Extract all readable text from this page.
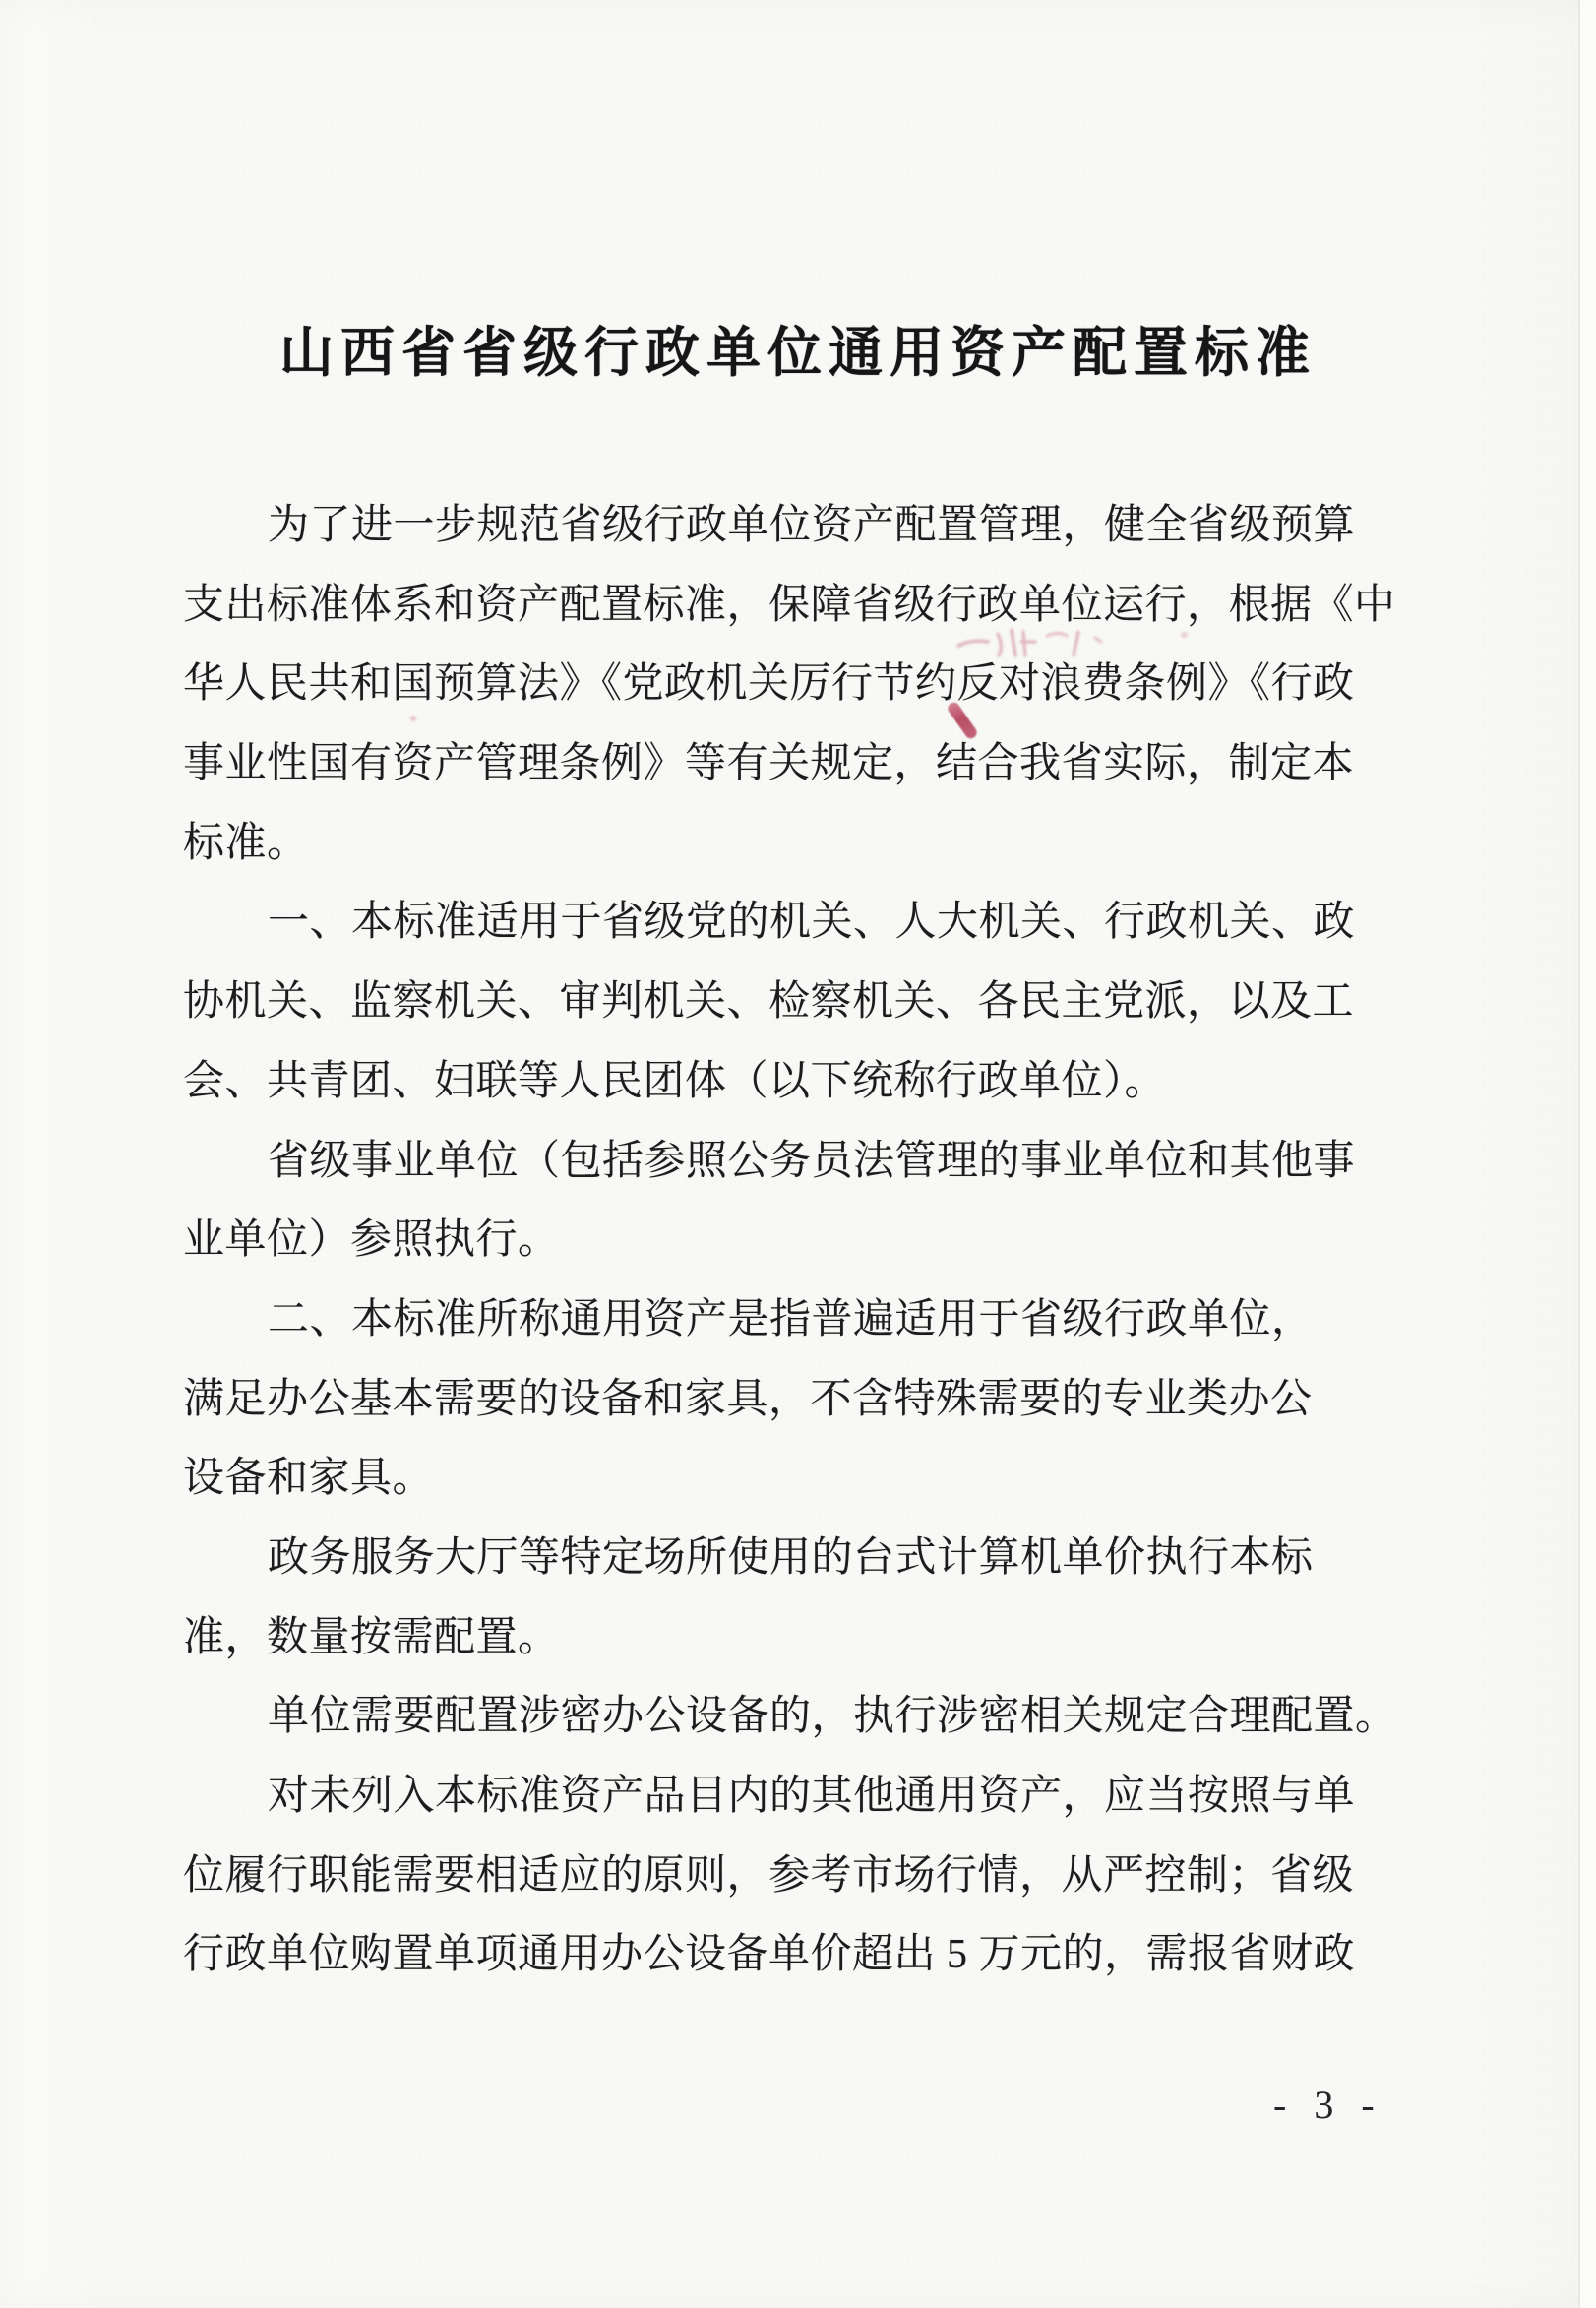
山西省省级行政单位通用资产配置标准
为了进一步规范省级行政单位资产配置管理，健全省级预算
支出标准体系和资产配置标准，保障省级行政单位运行，根据《中
华人民共和国预算法》《党政机关厉行节约反对浪费条例》《行政
事业性国有资产管理条例》等有关规定，结合我省实际，制定本
标准。
一、本标准适用于省级党的机关、人大机关、行政机关、政
协机关、监察机关、审判机关、检察机关、各民主党派，以及工
会、共青团、妇联等人民团体（以下统称行政单位）。
省级事业单位（包括参照公务员法管理的事业单位和其他事
业单位）参照执行。
二、本标准所称通用资产是指普遍适用于省级行政单位，
满足办公基本需要的设备和家具，不含特殊需要的专业类办公
设备和家具。
政务服务大厅等特定场所使用的台式计算机单价执行本标
准，数量按需配置。
单位需要配置涉密办公设备的，执行涉密相关规定合理配置。
对未列入本标准资产品目内的其他通用资产，应当按照与单
位履行职能需要相适应的原则，参考市场行情，从严控制；省级
行政单位购置单项通用办公设备单价超出 5 万元的，需报省财政
- 3 -
